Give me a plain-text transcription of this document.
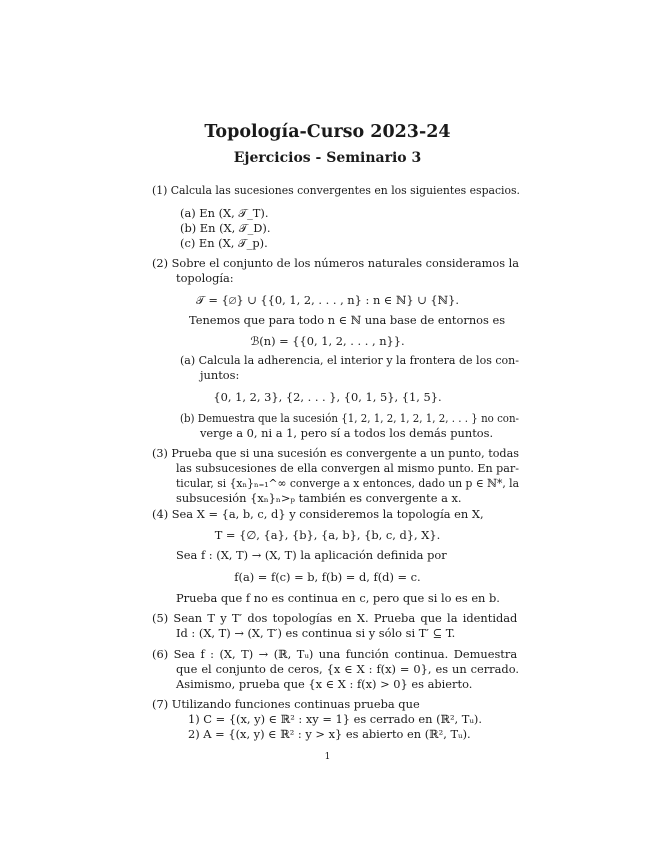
Topología-Curso 2023-24
Ejercicios - Seminario 3
(1) Calcula las sucesiones convergentes en los siguientes espacios.
(a) En (X, 𝒯_T).
(b) En (X, 𝒯_D).
(c) En (X, 𝒯_p).
(2) Sobre el conjunto de los números naturales consideramos la
topología:
𝒯 = {∅} ∪ {{0, 1, 2, . . . , n} : n ∈ ℕ} ∪ {ℕ}.
Tenemos que para todo n ∈ ℕ una base de entornos es
ℬ(n) = {{0, 1, 2, . . . , n}}.
(a) Calcula la adherencia, el interior y la frontera de los con-
juntos:
{0, 1, 2, 3}, {2, . . . }, {0, 1, 5}, {1, 5}.
(b) Demuestra que la sucesión {1, 2, 1, 2, 1, 2, 1, 2, . . . } no con-
verge a 0, ni a 1, pero sí a todos los demás puntos.
(3) Prueba que si una sucesión es convergente a un punto, todas
las subsucesiones de ella convergen al mismo punto. En par-
ticular, si {xₙ}ₙ₌₁^∞ converge a x entonces, dado un p ∈ ℕ*, la
subsucesión {xₙ}ₙ>ₚ también es convergente a x.
(4) Sea X = {a, b, c, d} y consideremos la topología en X,
T = {∅, {a}, {b}, {a, b}, {b, c, d}, X}.
Sea f : (X, T) → (X, T) la aplicación definida por
f(a) = f(c) = b, f(b) = d, f(d) = c.
Prueba que f no es continua en c, pero que si lo es en b.
(5) Sean T y T′ dos topologías en X. Prueba que la identidad
Id : (X, T) → (X, T′) es continua si y sólo si T′ ⊆ T.
(6) Sea f : (X, T) → (ℝ, Tᵤ) una función continua. Demuestra
que el conjunto de ceros, {x ∈ X : f(x) = 0}, es un cerrado.
Asimismo, prueba que {x ∈ X : f(x) > 0} es abierto.
(7) Utilizando funciones continuas prueba que
1) C = {(x, y) ∈ ℝ² : xy = 1} es cerrado en (ℝ², Tᵤ).
2) A = {(x, y) ∈ ℝ² : y > x} es abierto en (ℝ², Tᵤ).
1
